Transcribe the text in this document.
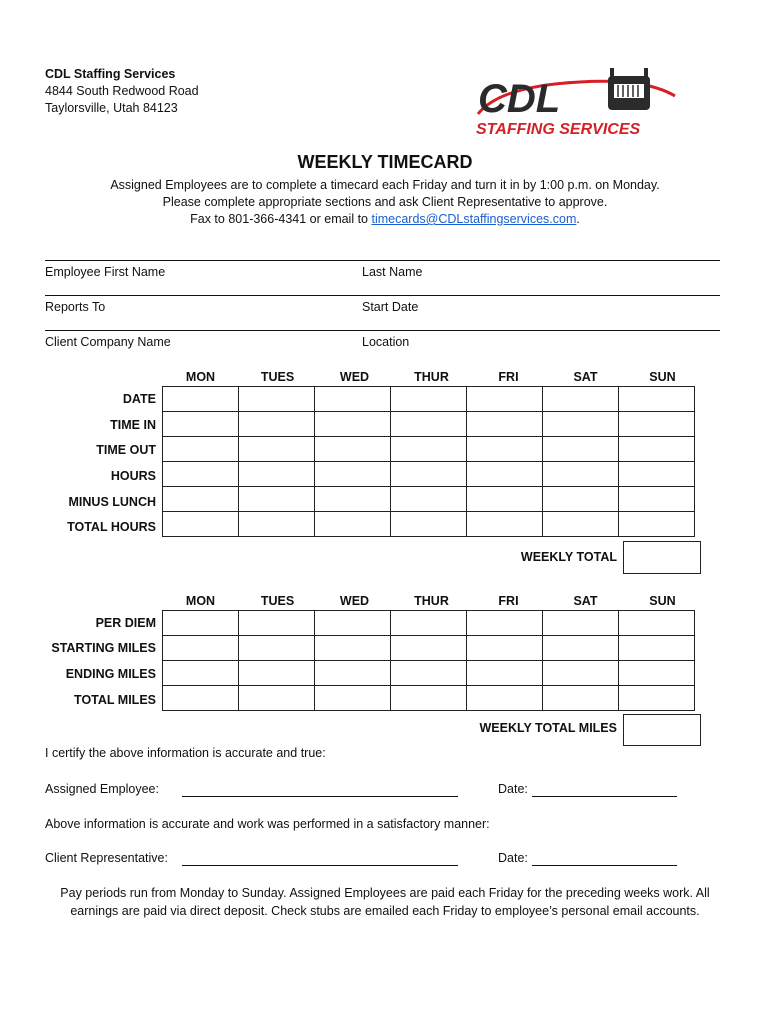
CDL Staffing Services
4844 South Redwood Road
Taylorsville, Utah 84123	CDL
STAFFING SERVICES
WEEKLY TIMECARD
Assigned Employees are to complete a timecard each Friday and turn it in by 1:00 p.m. on Monday.
Please complete appropriate sections and ask Client Representative to approve.
Fax to 801-366-4341 or email to timecards@CDLstaffingservices.com.
Employee First Name	Last Name
Reports To	Start Date
Client Company Name	Location
MON	TUES	WED	THUR	FRI	SAT	SUN
DATE
TIME IN
TIME OUT
HOURS
MINUS LUNCH
TOTAL HOURS

WEEKLY TOTAL
MON	TUES	WED	THUR	FRI	SAT	SUN
PER DIEM
STARTING MILES
ENDING MILES
TOTAL MILES

WEEKLY TOTAL MILES
I certify the above information is accurate and true:
Assigned Employee:	Date:
Above information is accurate and work was performed in a satisfactory manner:
Client Representative:	Date:
Pay periods run from Monday to Sunday. Assigned Employees are paid each Friday for the preceding weeks work. All
earnings are paid via direct deposit. Check stubs are emailed each Friday to employee’s personal email accounts.
